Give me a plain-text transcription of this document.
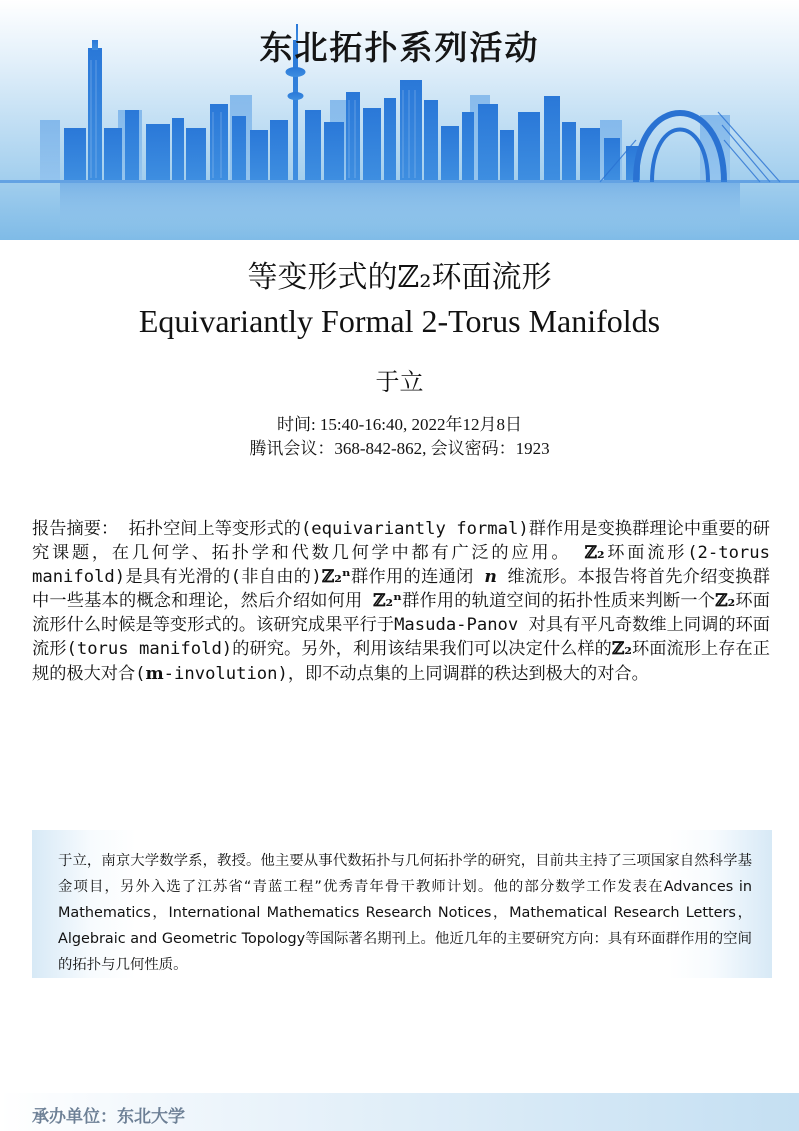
东北拓扑系列活动
等变形式的ℤ₂环面流形
Equivariantly Formal 2-Torus Manifolds
于立
时间: 15:40-16:40, 2022年12月8日
腾讯会议：368-842-862, 会议密码：1923
报告摘要： 拓扑空间上等变形式的(equivariantly formal)群作用是变换群理论中重要的研究课题，在几何学、拓扑学和代数几何学中都有广泛的应用。 ℤ₂环面流形(2-torus manifold)是具有光滑的(非自由的)ℤ₂ⁿ群作用的连通闭 n 维流形。本报告将首先介绍变换群中一些基本的概念和理论，然后介绍如何用 ℤ₂ⁿ群作用的轨道空间的拓扑性质来判断一个ℤ₂环面流形什么时候是等变形式的。该研究成果平行于Masuda-Panov 对具有平凡奇数维上同调的环面流形(torus manifold)的研究。另外，利用该结果我们可以决定什么样的ℤ₂环面流形上存在正规的极大对合(m-involution)，即不动点集的上同调群的秩达到极大的对合。
于立，南京大学数学系，教授。他主要从事代数拓扑与几何拓扑学的研究，目前共主持了三项国家自然科学基金项目，另外入选了江苏省“青蓝工程”优秀青年骨干教师计划。他的部分数学工作发表在Advances in Mathematics，International Mathematics Research Notices，Mathematical Research Letters，Algebraic and Geometric Topology等国际著名期刊上。他近几年的主要研究方向：具有环面群作用的空间的拓扑与几何性质。
承办单位：东北大学
